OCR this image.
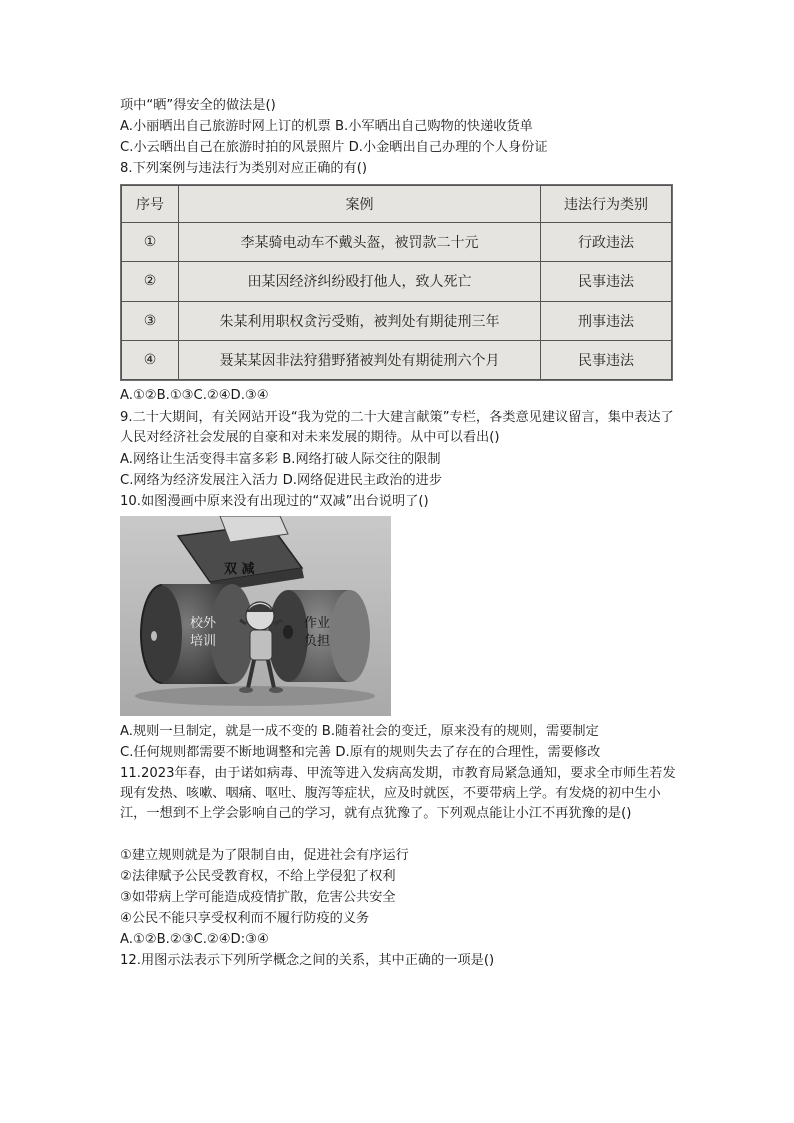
项中“晒”得安全的做法是()
A.小丽晒出自己旅游时网上订的机票 B.小军晒出自己购物的快递收货单
C.小云晒出自己在旅游时拍的风景照片 D.小金晒出自己办理的个人身份证
8.下列案例与违法行为类别对应正确的有()
序号	案例	违法行为类别
①	李某骑电动车不戴头盔，被罚款二十元	行政违法
②	田某因经济纠纷殴打他人，致人死亡	民事违法
③	朱某利用职权贪污受贿，被判处有期徒刑三年	刑事违法
④	聂某某因非法狩猎野猪被判处有期徒刑六个月	民事违法
A.①②B.①③C.②④D.③④
9.二十大期间，有关网站开设“我为党的二十大建言献策”专栏，各类意见建议留言，集中表达了人民对经济社会发展的自豪和对未来发展的期待。从中可以看出()
A.网络让生活变得丰富多彩 B.网络打破人际交往的限制
C.网络为经济发展注入活力 D.网络促进民主政治的进步
10.如图漫画中原来没有出现过的“双减”出台说明了()
双 减
校外
培训
作业
负担
A.规则一旦制定，就是一成不变的 B.随着社会的变迁，原来没有的规则，需要制定
C.任何规则都需要不断地调整和完善 D.原有的规则失去了存在的合理性，需要修改
11.2023年春，由于诺如病毒、甲流等进入发病高发期，市教育局紧急通知，要求全市师生若发现有发热、咳嗽、咽痛、呕吐、腹泻等症状，应及时就医，不要带病上学。有发烧的初中生小江，一想到不上学会影响自己的学习，就有点犹豫了。下列观点能让小江不再犹豫的是()
①建立规则就是为了限制自由，促进社会有序运行
②法律赋予公民受教育权，不给上学侵犯了权利
③如带病上学可能造成疫情扩散，危害公共安全
④公民不能只享受权利而不履行防疫的义务
A.①②B.②③C.②④D:③④
12.用图示法表示下列所学概念之间的关系，其中正确的一项是()
